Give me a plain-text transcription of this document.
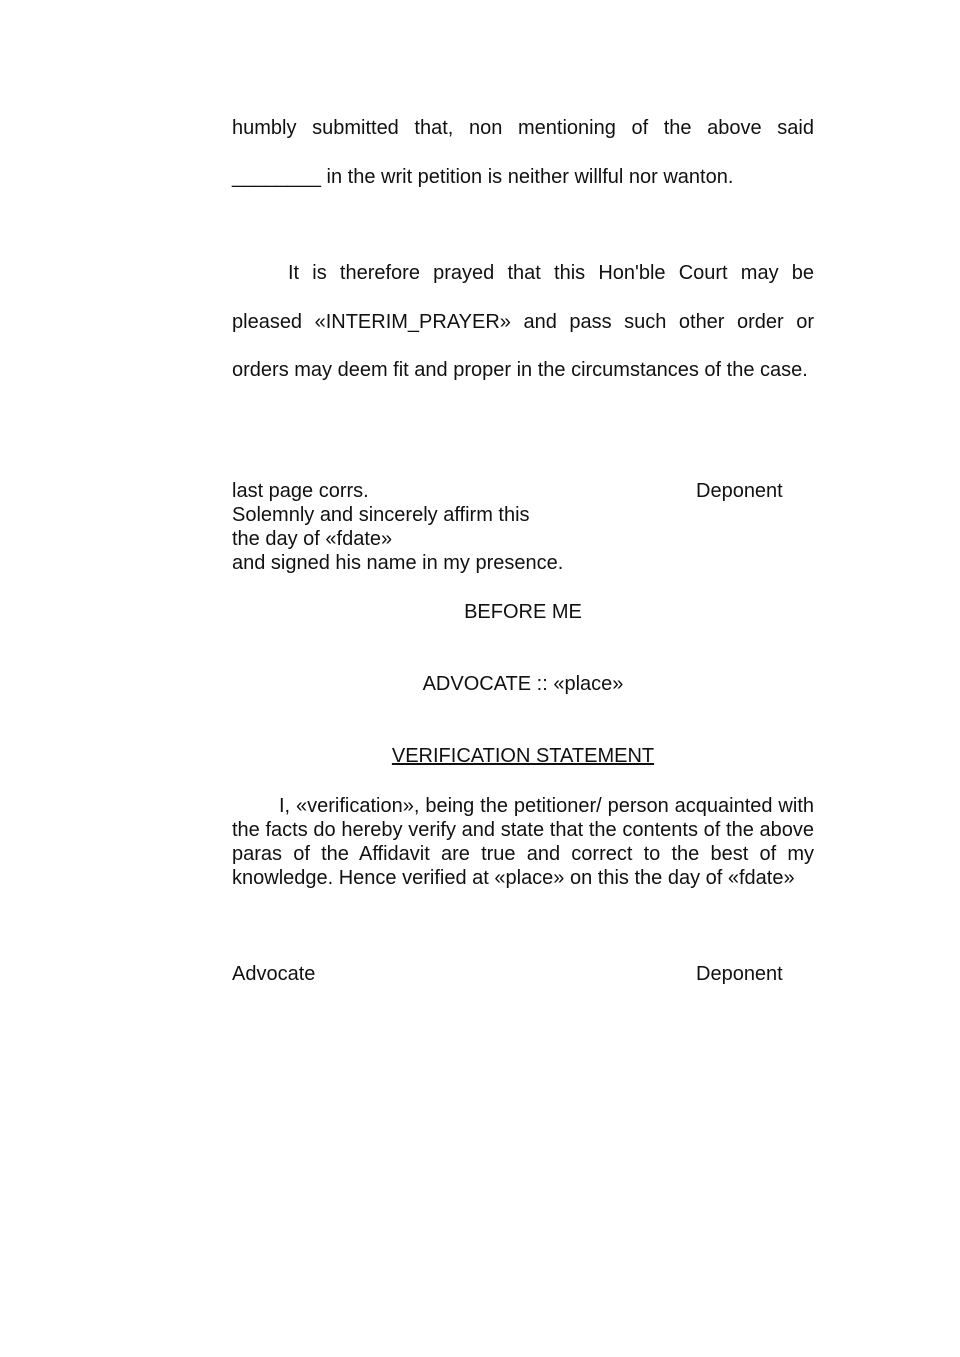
humbly submitted that, non mentioning of the above said ________ in the writ petition is neither willful nor wanton.

It is therefore prayed that this Hon'ble Court may be pleased «INTERIM_PRAYER» and pass such other order or orders may deem fit and proper in the circumstances of the case.

last page corrs.	Deponent
Solemnly and sincerely affirm this
the day of «fdate»
and signed his name in my presence.
BEFORE ME
ADVOCATE :: «place»
VERIFICATION STATEMENT

I, «verification», being the petitioner/ person acquainted with the facts do hereby verify and state that the contents of the above paras of the Affidavit are true and correct to the best of my knowledge. Hence verified at «place» on this the day of «fdate»

Advocate	Deponent
